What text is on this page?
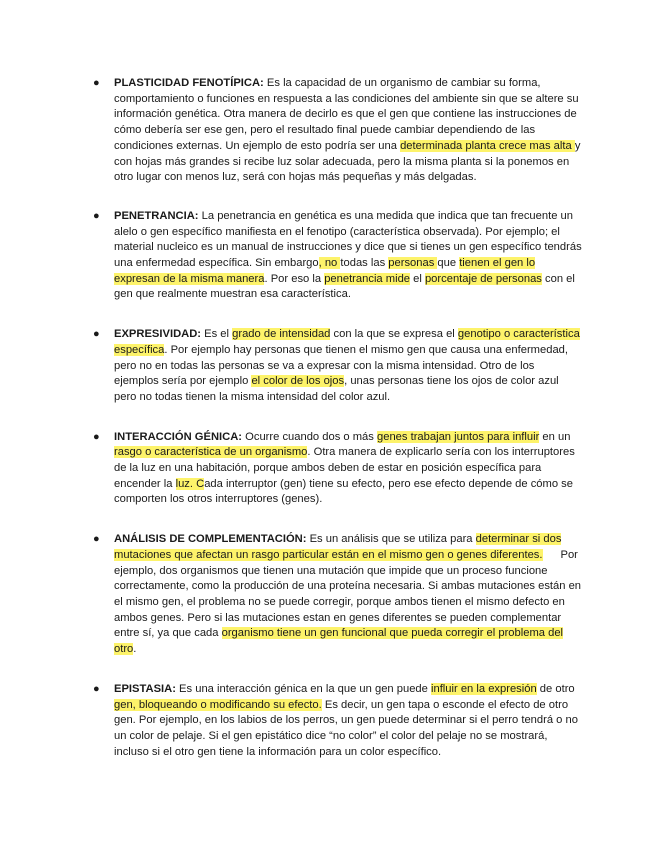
● PLASTICIDAD FENOTÍPICA: Es la capacidad de un organismo de cambiar su forma, comportamiento o funciones en respuesta a las condiciones del ambiente sin que se altere su información genética. Otra manera de decirlo es que el gen que contiene las instrucciones de cómo debería ser ese gen, pero el resultado final puede cambiar dependiendo de las condiciones externas. Un ejemplo de esto podría ser una determinada planta crece mas alta y con hojas más grandes si recibe luz solar adecuada, pero la misma planta si la ponemos en otro lugar con menos luz, será con hojas más pequeñas y más delgadas.
● PENETRANCIA: La penetrancia en genética es una medida que indica que tan frecuente un alelo o gen específico manifiesta en el fenotipo (característica observada). Por ejemplo; el material nucleico es un manual de instrucciones y dice que si tienes un gen específico tendrás una enfermedad específica. Sin embargo, no todas las personas que tienen el gen lo expresan de la misma manera. Por eso la penetrancia mide el porcentaje de personas con el gen que realmente muestran esa característica.
● EXPRESIVIDAD: Es el grado de intensidad con la que se expresa el genotipo o característica específica. Por ejemplo hay personas que tienen el mismo gen que causa una enfermedad, pero no en todas las personas se va a expresar con la misma intensidad. Otro de los ejemplos sería por ejemplo el color de los ojos, unas personas tiene los ojos de color azul pero no todas tienen la misma intensidad del color azul.
● INTERACCIÓN GÉNICA: Ocurre cuando dos o más genes trabajan juntos para influir en un rasgo o característica de un organismo. Otra manera de explicarlo sería con los interruptores de la luz en una habitación, porque ambos deben de estar en posición específica para encender la luz. Cada interruptor (gen) tiene su efecto, pero ese efecto depende de cómo se comporten los otros interruptores (genes).
● ANÁLISIS DE COMPLEMENTACIÓN: Es un análisis que se utiliza para determinar si dos mutaciones que afectan un rasgo particular están en el mismo gen o genes diferentes. Por ejemplo, dos organismos que tienen una mutación que impide que un proceso funcione correctamente, como la producción de una proteína necesaria. Si ambas mutaciones están en el mismo gen, el problema no se puede corregir, porque ambos tienen el mismo defecto en ambos genes. Pero si las mutaciones estan en genes diferentes se pueden complementar entre sí, ya que cada organismo tiene un gen funcional que pueda corregir el problema del otro.
● EPISTASIA: Es una interacción génica en la que un gen puede influir en la expresión de otro gen, bloqueando o modificando su efecto. Es decir, un gen tapa o esconde el efecto de otro gen. Por ejemplo, en los labios de los perros, un gen puede determinar si el perro tendrá o no un color de pelaje. Si el gen epistático dice “no color” el color del pelaje no se mostrará, incluso si el otro gen tiene la información para un color específico.
